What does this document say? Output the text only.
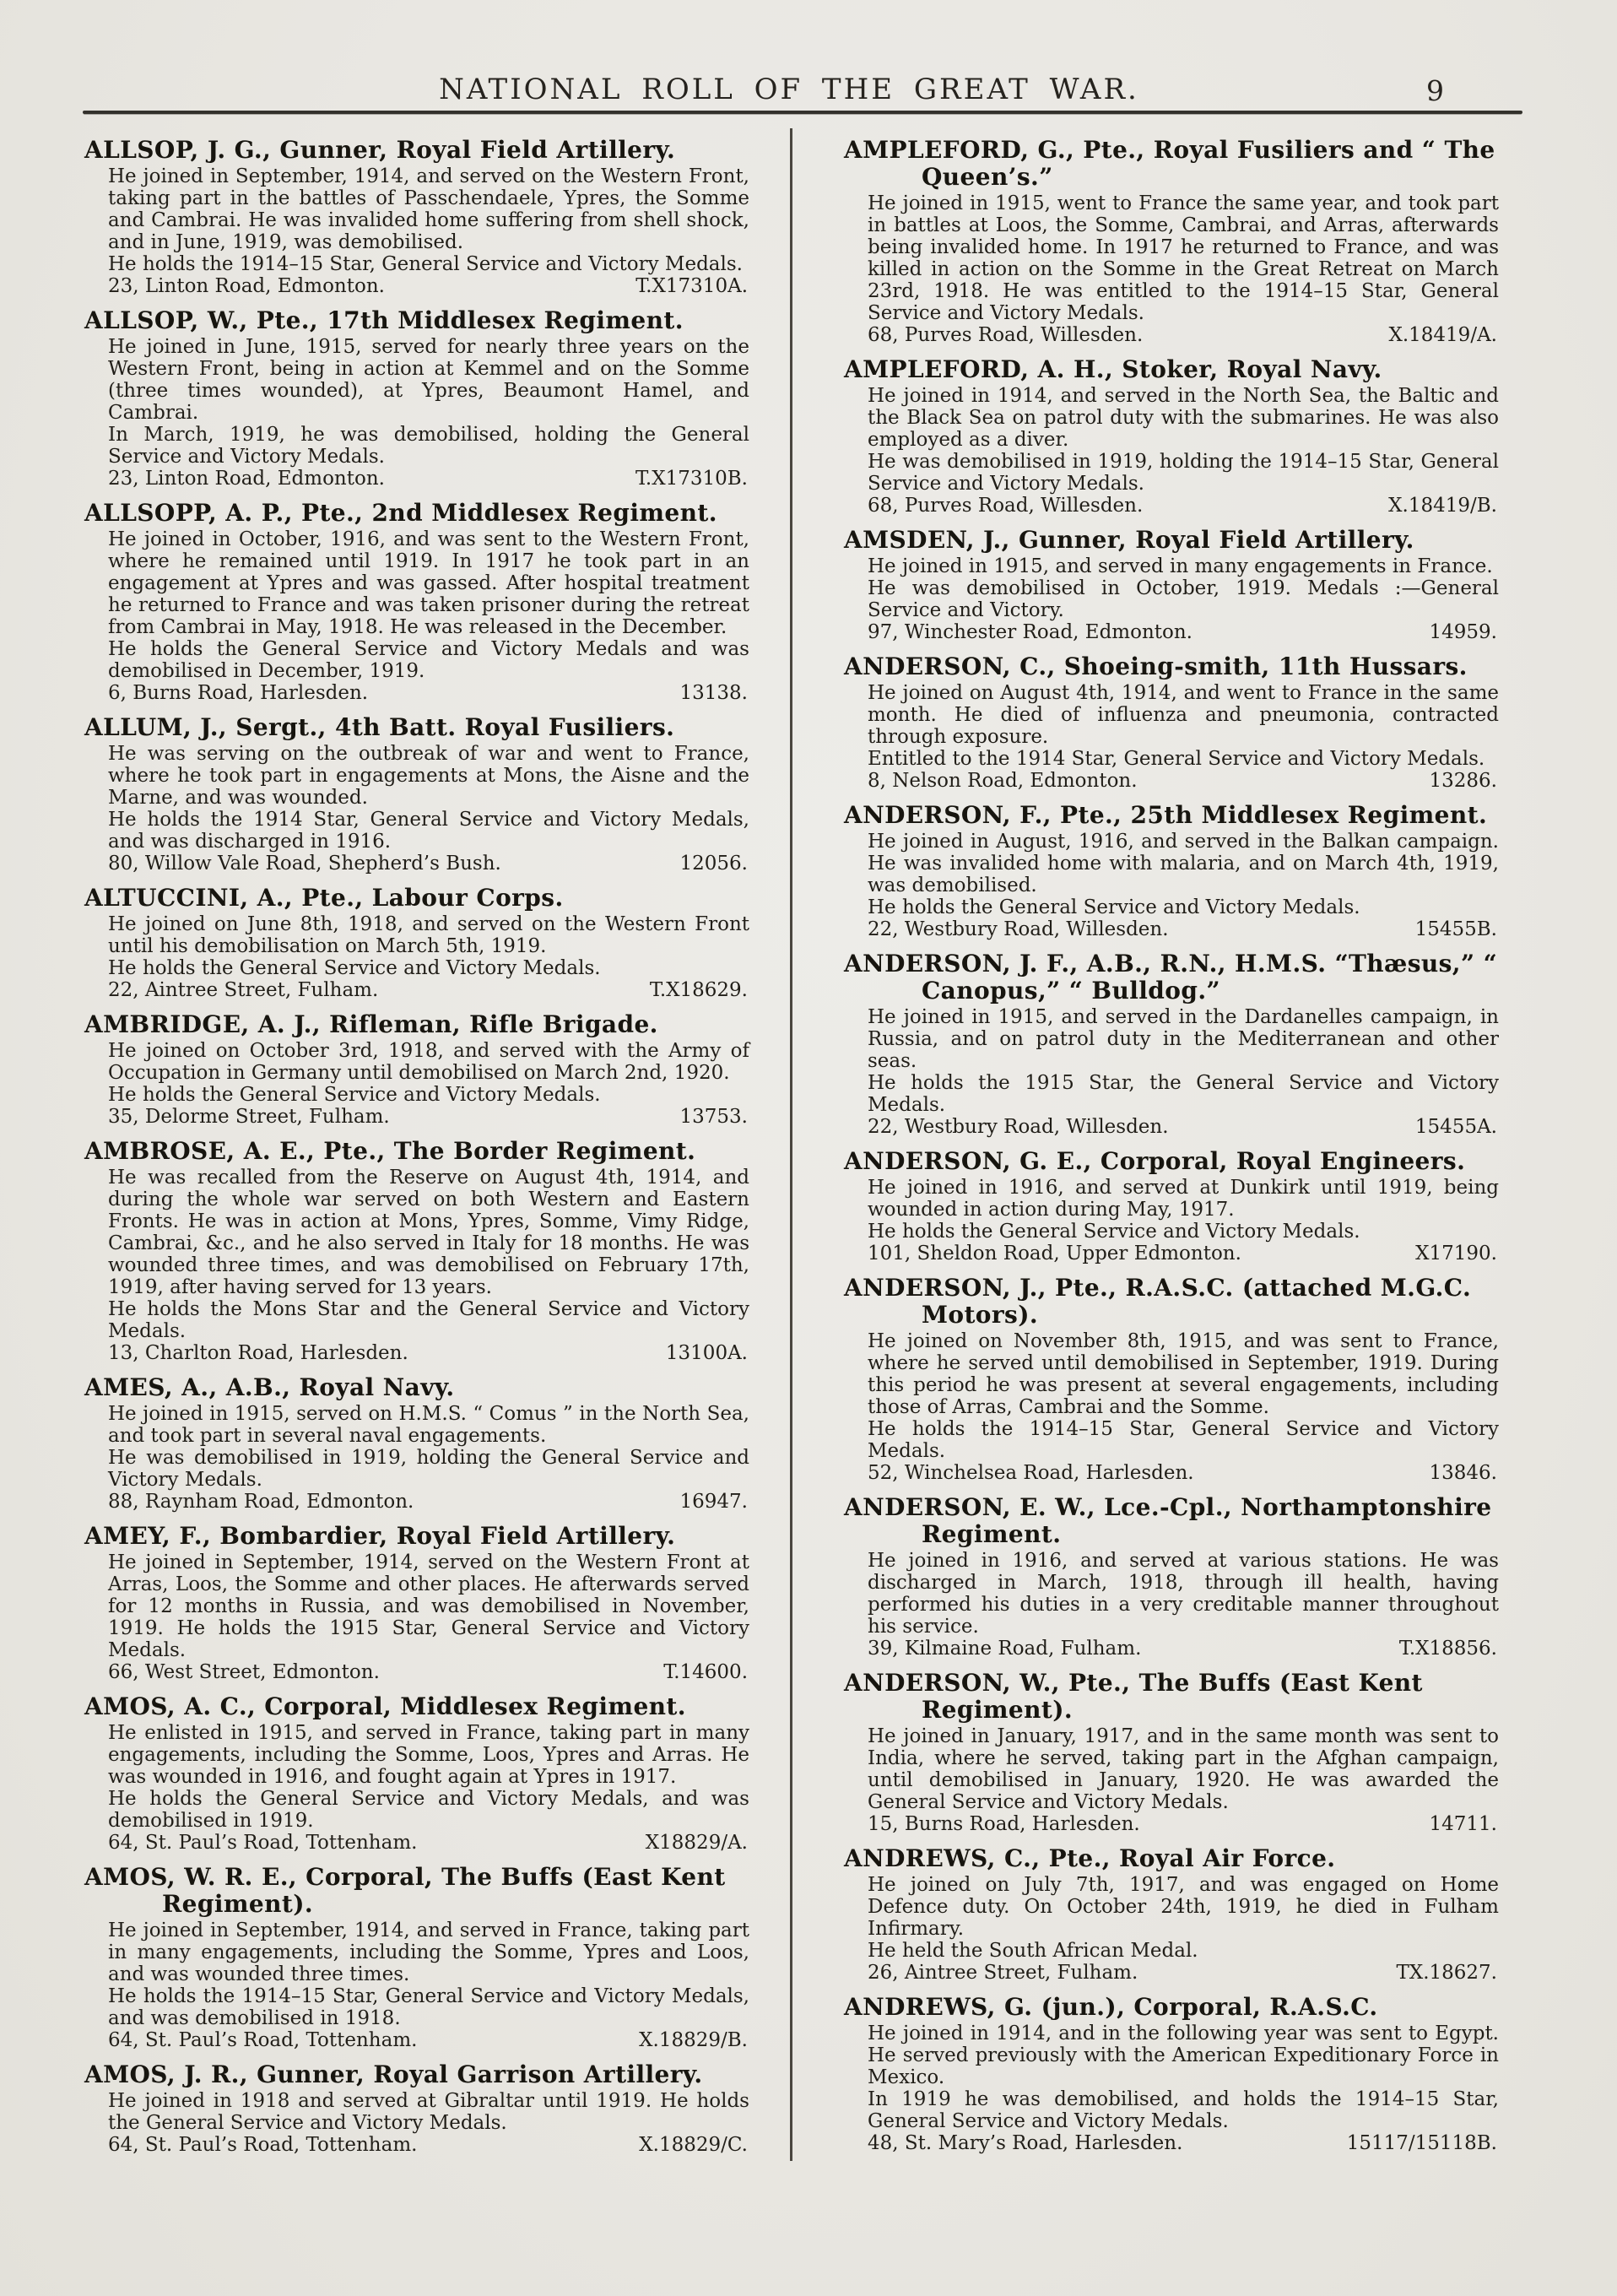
NATIONAL ROLL OF THE GREAT WAR.	9
ALLSOP, J. G., Gunner, Royal Field Artillery.

He joined in September, 1914, and served on the Western Front, taking part in the battles of Passchendaele, Ypres, the Somme and Cambrai. He was invalided home suffering from shell shock, and in June, 1919, was demobilised.

He holds the 1914–15 Star, General Service and Victory Medals.

23, Linton Road, Edmonton.	T.X17310A.
ALLSOP, W., Pte., 17th Middlesex Regiment.

He joined in June, 1915, served for nearly three years on the Western Front, being in action at Kemmel and on the Somme (three times wounded), at Ypres, Beaumont Hamel, and Cambrai.

In March, 1919, he was demobilised, holding the General Service and Victory Medals.

23, Linton Road, Edmonton.	T.X17310B.
ALLSOPP, A. P., Pte., 2nd Middlesex Regiment.

He joined in October, 1916, and was sent to the Western Front, where he remained until 1919. In 1917 he took part in an engagement at Ypres and was gassed. After hospital treatment he returned to France and was taken prisoner during the retreat from Cambrai in May, 1918. He was released in the December.

He holds the General Service and Victory Medals and was demobilised in December, 1919.

6, Burns Road, Harlesden.	13138.
ALLUM, J., Sergt., 4th Batt. Royal Fusiliers.

He was serving on the outbreak of war and went to France, where he took part in engagements at Mons, the Aisne and the Marne, and was wounded.

He holds the 1914 Star, General Service and Victory Medals, and was discharged in 1916.

80, Willow Vale Road, Shepherd’s Bush.	12056.
ALTUCCINI, A., Pte., Labour Corps.

He joined on June 8th, 1918, and served on the Western Front until his demobilisation on March 5th, 1919.

He holds the General Service and Victory Medals.

22, Aintree Street, Fulham.	T.X18629.
AMBRIDGE, A. J., Rifleman, Rifle Brigade.

He joined on October 3rd, 1918, and served with the Army of Occupation in Germany until demobilised on March 2nd, 1920.

He holds the General Service and Victory Medals.

35, Delorme Street, Fulham.	13753.
AMBROSE, A. E., Pte., The Border Regiment.

He was recalled from the Reserve on August 4th, 1914, and during the whole war served on both Western and Eastern Fronts. He was in action at Mons, Ypres, Somme, Vimy Ridge, Cambrai, &c., and he also served in Italy for 18 months. He was wounded three times, and was demobilised on February 17th, 1919, after having served for 13 years.

He holds the Mons Star and the General Service and Victory Medals.

13, Charlton Road, Harlesden.	13100A.
AMES, A., A.B., Royal Navy.

He joined in 1915, served on H.M.S. “ Comus ” in the North Sea, and took part in several naval engagements.

He was demobilised in 1919, holding the General Service and Victory Medals.

88, Raynham Road, Edmonton.	16947.
AMEY, F., Bombardier, Royal Field Artillery.

He joined in September, 1914, served on the Western Front at Arras, Loos, the Somme and other places. He afterwards served for 12 months in Russia, and was demobilised in November, 1919. He holds the 1915 Star, General Service and Victory Medals.

66, West Street, Edmonton.	T.14600.
AMOS, A. C., Corporal, Middlesex Regiment.

He enlisted in 1915, and served in France, taking part in many engagements, including the Somme, Loos, Ypres and Arras. He was wounded in 1916, and fought again at Ypres in 1917.

He holds the General Service and Victory Medals, and was demobilised in 1919.

64, St. Paul’s Road, Tottenham.	X18829/A.
AMOS, W. R. E., Corporal, The Buffs (East Kent Regiment).

He joined in September, 1914, and served in France, taking part in many engagements, including the Somme, Ypres and Loos, and was wounded three times.

He holds the 1914–15 Star, General Service and Victory Medals, and was demobilised in 1918.

64, St. Paul’s Road, Tottenham.	X.18829/B.
AMOS, J. R., Gunner, Royal Garrison Artillery.

He joined in 1918 and served at Gibraltar until 1919. He holds the General Service and Victory Medals.

64, St. Paul’s Road, Tottenham.	X.18829/C.
AMPLEFORD, G., Pte., Royal Fusiliers and “ The Queen’s.”

He joined in 1915, went to France the same year, and took part in battles at Loos, the Somme, Cambrai, and Arras, afterwards being invalided home. In 1917 he returned to France, and was killed in action on the Somme in the Great Retreat on March 23rd, 1918. He was entitled to the 1914–15 Star, General Service and Victory Medals.

68, Purves Road, Willesden.	X.18419/A.
AMPLEFORD, A. H., Stoker, Royal Navy.

He joined in 1914, and served in the North Sea, the Baltic and the Black Sea on patrol duty with the submarines. He was also employed as a diver.

He was demobilised in 1919, holding the 1914–15 Star, General Service and Victory Medals.

68, Purves Road, Willesden.	X.18419/B.
AMSDEN, J., Gunner, Royal Field Artillery.

He joined in 1915, and served in many engagements in France.

He was demobilised in October, 1919. Medals :—General Service and Victory.

97, Winchester Road, Edmonton.	14959.
ANDERSON, C., Shoeing-smith, 11th Hussars.

He joined on August 4th, 1914, and went to France in the same month. He died of influenza and pneumonia, contracted through exposure.

Entitled to the 1914 Star, General Service and Victory Medals.

8, Nelson Road, Edmonton.	13286.
ANDERSON, F., Pte., 25th Middlesex Regiment.

He joined in August, 1916, and served in the Balkan campaign. He was invalided home with malaria, and on March 4th, 1919, was demobilised.

He holds the General Service and Victory Medals.

22, Westbury Road, Willesden.	15455B.
ANDERSON, J. F., A.B., R.N., H.M.S. “Thæsus,” “ Canopus,” “ Bulldog.”

He joined in 1915, and served in the Dardanelles campaign, in Russia, and on patrol duty in the Mediterranean and other seas.

He holds the 1915 Star, the General Service and Victory Medals.

22, Westbury Road, Willesden.	15455A.
ANDERSON, G. E., Corporal, Royal Engineers.

He joined in 1916, and served at Dunkirk until 1919, being wounded in action during May, 1917.

He holds the General Service and Victory Medals.

101, Sheldon Road, Upper Edmonton.	X17190.
ANDERSON, J., Pte., R.A.S.C. (attached M.G.C. Motors).

He joined on November 8th, 1915, and was sent to France, where he served until demobilised in September, 1919. During this period he was present at several engagements, including those of Arras, Cambrai and the Somme.

He holds the 1914–15 Star, General Service and Victory Medals.

52, Winchelsea Road, Harlesden.	13846.
ANDERSON, E. W., Lce.-Cpl., Northamptonshire Regiment.

He joined in 1916, and served at various stations. He was discharged in March, 1918, through ill health, having performed his duties in a very creditable manner throughout his service.

39, Kilmaine Road, Fulham.	T.X18856.
ANDERSON, W., Pte., The Buffs (East Kent Regiment).

He joined in January, 1917, and in the same month was sent to India, where he served, taking part in the Afghan campaign, until demobilised in January, 1920. He was awarded the General Service and Victory Medals.

15, Burns Road, Harlesden.	14711.
ANDREWS, C., Pte., Royal Air Force.

He joined on July 7th, 1917, and was engaged on Home Defence duty. On October 24th, 1919, he died in Fulham Infirmary.

He held the South African Medal.

26, Aintree Street, Fulham.	TX.18627.
ANDREWS, G. (jun.), Corporal, R.A.S.C.

He joined in 1914, and in the following year was sent to Egypt. He served previously with the American Expeditionary Force in Mexico.

In 1919 he was demobilised, and holds the 1914–15 Star, General Service and Victory Medals.

48, St. Mary’s Road, Harlesden.	15117/15118B.
